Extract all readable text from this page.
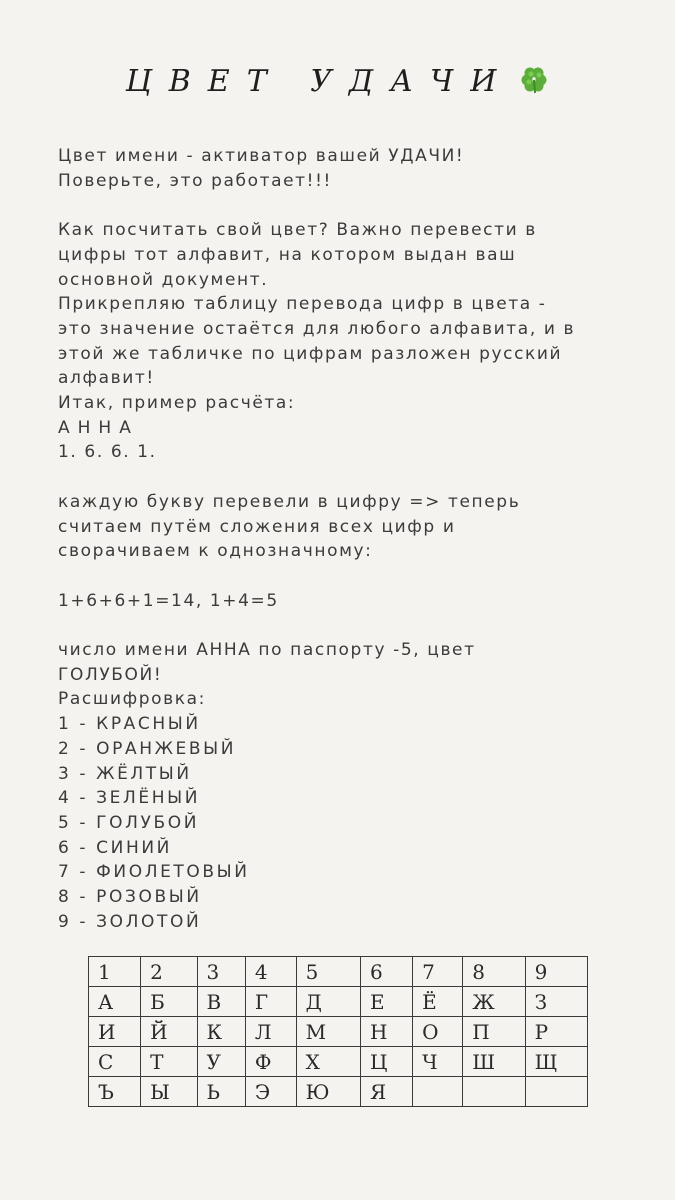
ЦВЕТ УДАЧИ
Цвет имени - активатор вашей УДАЧИ!
Поверьте, это работает!!!
Как посчитать свой цвет? Важно перевести в
цифры тот алфавит, на котором выдан ваш
основной документ.
Прикрепляю таблицу перевода цифр в цвета -
это значение остаётся для любого алфавита, и в
этой же табличке по цифрам разложен русский
алфавит!
Итак, пример расчёта:
АННА
1. 6. 6. 1.
каждую букву перевели в цифру => теперь
считаем путём сложения всех цифр и
сворачиваем к однозначному:
1+6+6+1=14, 1+4=5
число имени АННА по паспорту -5, цвет
ГОЛУБОЙ!
Расшифровка:
1 - КРАСНЫЙ
2 - ОРАНЖЕВЫЙ
3 - ЖЁЛТЫЙ
4 - ЗЕЛЁНЫЙ
5 - ГОЛУБОЙ
6 - СИНИЙ
7 - ФИОЛЕТОВЫЙ
8 - РОЗОВЫЙ
9 - ЗОЛОТОЙ
1	2	3	4	5	6	7	8	9
А	Б	В	Г	Д	Е	Ё	Ж	З
И	Й	К	Л	М	Н	О	П	Р
С	Т	У	Ф	Х	Ц	Ч	Ш	Щ
Ъ	Ы	Ь	Э	Ю	Я			
